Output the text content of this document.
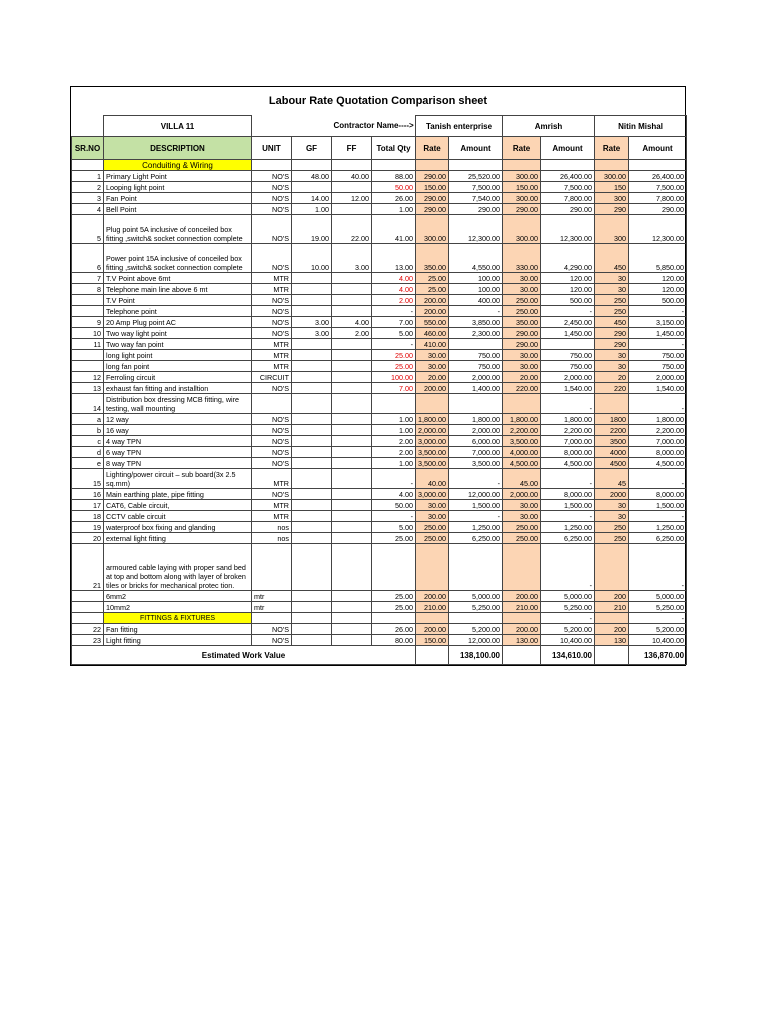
Labour Rate Quotation Comparison sheet
	VILLA 11			Contractor Name---->		Tanish enterprise		Amrish		Nitin Mishal	
SR.NO	DESCRIPTION	UNIT	GF	FF	Total Qty	Rate	Amount	Rate	Amount	Rate	Amount
	Conduiting & Wiring										
1	Primary Light Point	NO'S	48.00	40.00	88.00	290.00	25,520.00	300.00	26,400.00	300.00	26,400.00
2	Looping light point	NO'S			50.00	150.00	7,500.00	150.00	7,500.00	150	7,500.00
3	Fan Point	NO'S	14.00	12.00	26.00	290.00	7,540.00	300.00	7,800.00	300	7,800.00
4	Bell Point	NO'S	1.00		1.00	290.00	290.00	290.00	290.00	290	290.00
5	Plug point 5A inclusive of conceiled box fitting ,switch& socket connection complete	NO'S	19.00	22.00	41.00	300.00	12,300.00	300.00	12,300.00	300	12,300.00
6	Power point 15A inclusive of conceiled box fitting ,switch& socket connection complete	NO'S	10.00	3.00	13.00	350.00	4,550.00	330.00	4,290.00	450	5,850.00
7	T.V Point above 6mt	MTR			4.00	25.00	100.00	30.00	120.00	30	120.00
8	Telephone main line above 6 mt	MTR			4.00	25.00	100.00	30.00	120.00	30	120.00
	T.V Point	NO'S			2.00	200.00	400.00	250.00	500.00	250	500.00
	Telephone point	NO'S			-	200.00	-	250.00	-	250	-
9	20 Amp Plug point AC	NO'S	3.00	4.00	7.00	550.00	3,850.00	350.00	2,450.00	450	3,150.00
10	Two way light point	NO'S	3.00	2.00	5.00	460.00	2,300.00	290.00	1,450.00	290	1,450.00
11	Two way fan point	MTR			-	410.00		290.00		290	-
	long light point	MTR			25.00	30.00	750.00	30.00	750.00	30	750.00
	long fan point	MTR			25.00	30.00	750.00	30.00	750.00	30	750.00
12	Ferroling circuit	CIRCUIT			100.00	20.00	2,000.00	20.00	2,000.00	20	2,000.00
13	exhaust fan fitting and installtion	NO'S			7.00	200.00	1,400.00	220.00	1,540.00	220	1,540.00
14	Distribution box dressing MCB fitting, wire testing, wall mounting								-		-
a	12 way	NO'S			1.00	1,800.00	1,800.00	1,800.00	1,800.00	1800	1,800.00
b	16 way	NO'S			1.00	2,000.00	2,000.00	2,200.00	2,200.00	2200	2,200.00
c	4 way TPN	NO'S			2.00	3,000.00	6,000.00	3,500.00	7,000.00	3500	7,000.00
d	6 way TPN	NO'S			2.00	3,500.00	7,000.00	4,000.00	8,000.00	4000	8,000.00
e	8 way TPN	NO'S			1.00	3,500.00	3,500.00	4,500.00	4,500.00	4500	4,500.00
15	Lighting/power circuit – sub board(3x 2.5 sq.mm)	MTR			-	40.00	-	45.00	-	45	-
16	Main earthing plate, pipe fitting	NO'S			4.00	3,000.00	12,000.00	2,000.00	8,000.00	2000	8,000.00
17	CAT6, Cable circuit,	MTR			50.00	30.00	1,500.00	30.00	1,500.00	30	1,500.00
18	CCTV cable circuit	MTR			-	30.00	-	30.00	-	30	-
19	waterproof box fixing and glanding	nos			5.00	250.00	1,250.00	250.00	1,250.00	250	1,250.00
20	external light fitting	nos			25.00	250.00	6,250.00	250.00	6,250.00	250	6,250.00
21	armoured cable laying with proper sand bed at top and bottom along with layer of broken tiles or bricks for mechanical protec tion.								-		-
	6mm2	mtr			25.00	200.00	5,000.00	200.00	5,000.00	200	5,000.00
	10mm2	mtr			25.00	210.00	5,250.00	210.00	5,250.00	210	5,250.00
	FITTINGS & FIXTURES								-		-
22	Fan fitting	NO'S			26.00	200.00	5,200.00	200.00	5,200.00	200	5,200.00
23	Light fitting	NO'S			80.00	150.00	12,000.00	130.00	10,400.00	130	10,400.00
Estimated Work Value							138,100.00		134,610.00		136,870.00
